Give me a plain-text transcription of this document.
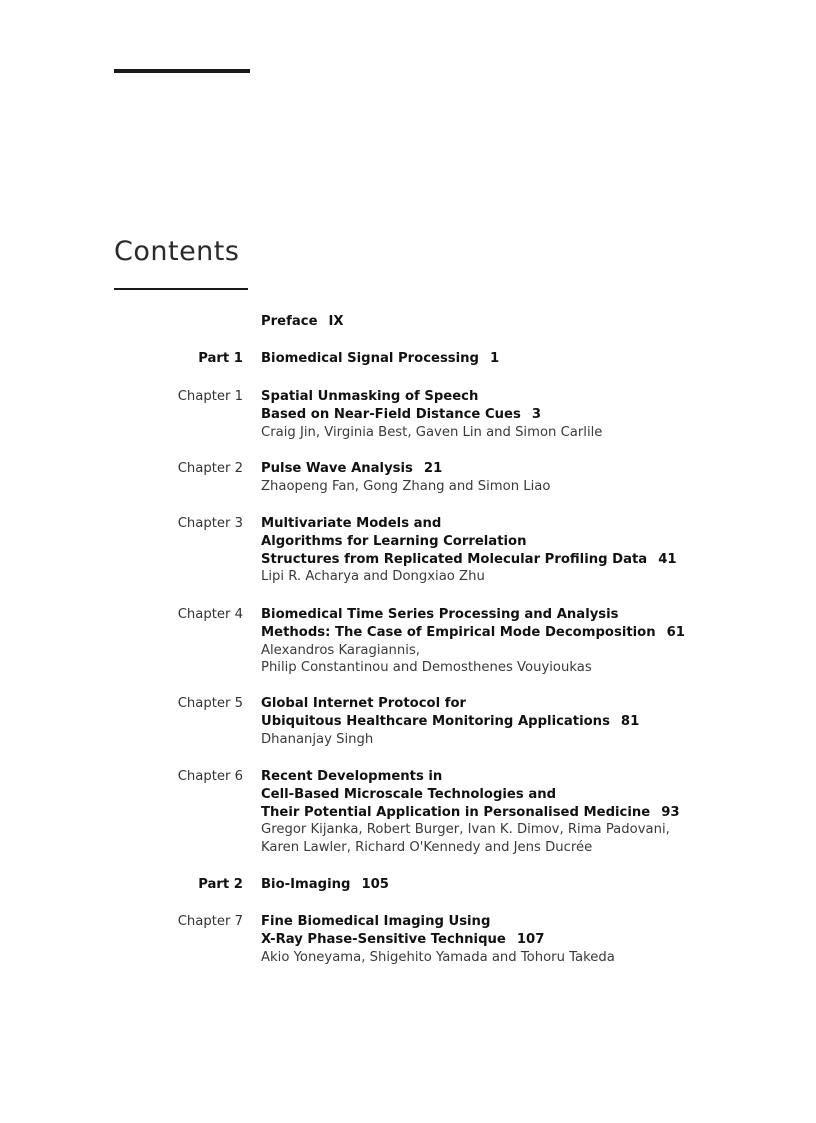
Contents
Preface IX
Part 1 Biomedical Signal Processing 1
Chapter 1 Spatial Unmasking of Speech
Based on Near-Field Distance Cues 3
Craig Jin, Virginia Best, Gaven Lin and Simon Carlile
Chapter 2 Pulse Wave Analysis 21
Zhaopeng Fan, Gong Zhang and Simon Liao
Chapter 3 Multivariate Models and
Algorithms for Learning Correlation
Structures from Replicated Molecular Profiling Data 41
Lipi R. Acharya and Dongxiao Zhu
Chapter 4 Biomedical Time Series Processing and Analysis
Methods: The Case of Empirical Mode Decomposition 61
Alexandros Karagiannis,
Philip Constantinou and Demosthenes Vouyioukas
Chapter 5 Global Internet Protocol for
Ubiquitous Healthcare Monitoring Applications 81
Dhananjay Singh
Chapter 6 Recent Developments in
Cell-Based Microscale Technologies and
Their Potential Application in Personalised Medicine 93
Gregor Kijanka, Robert Burger, Ivan K. Dimov, Rima Padovani,
Karen Lawler, Richard O'Kennedy and Jens Ducrée
Part 2 Bio-Imaging 105
Chapter 7 Fine Biomedical Imaging Using
X-Ray Phase-Sensitive Technique 107
Akio Yoneyama, Shigehito Yamada and Tohoru Takeda
